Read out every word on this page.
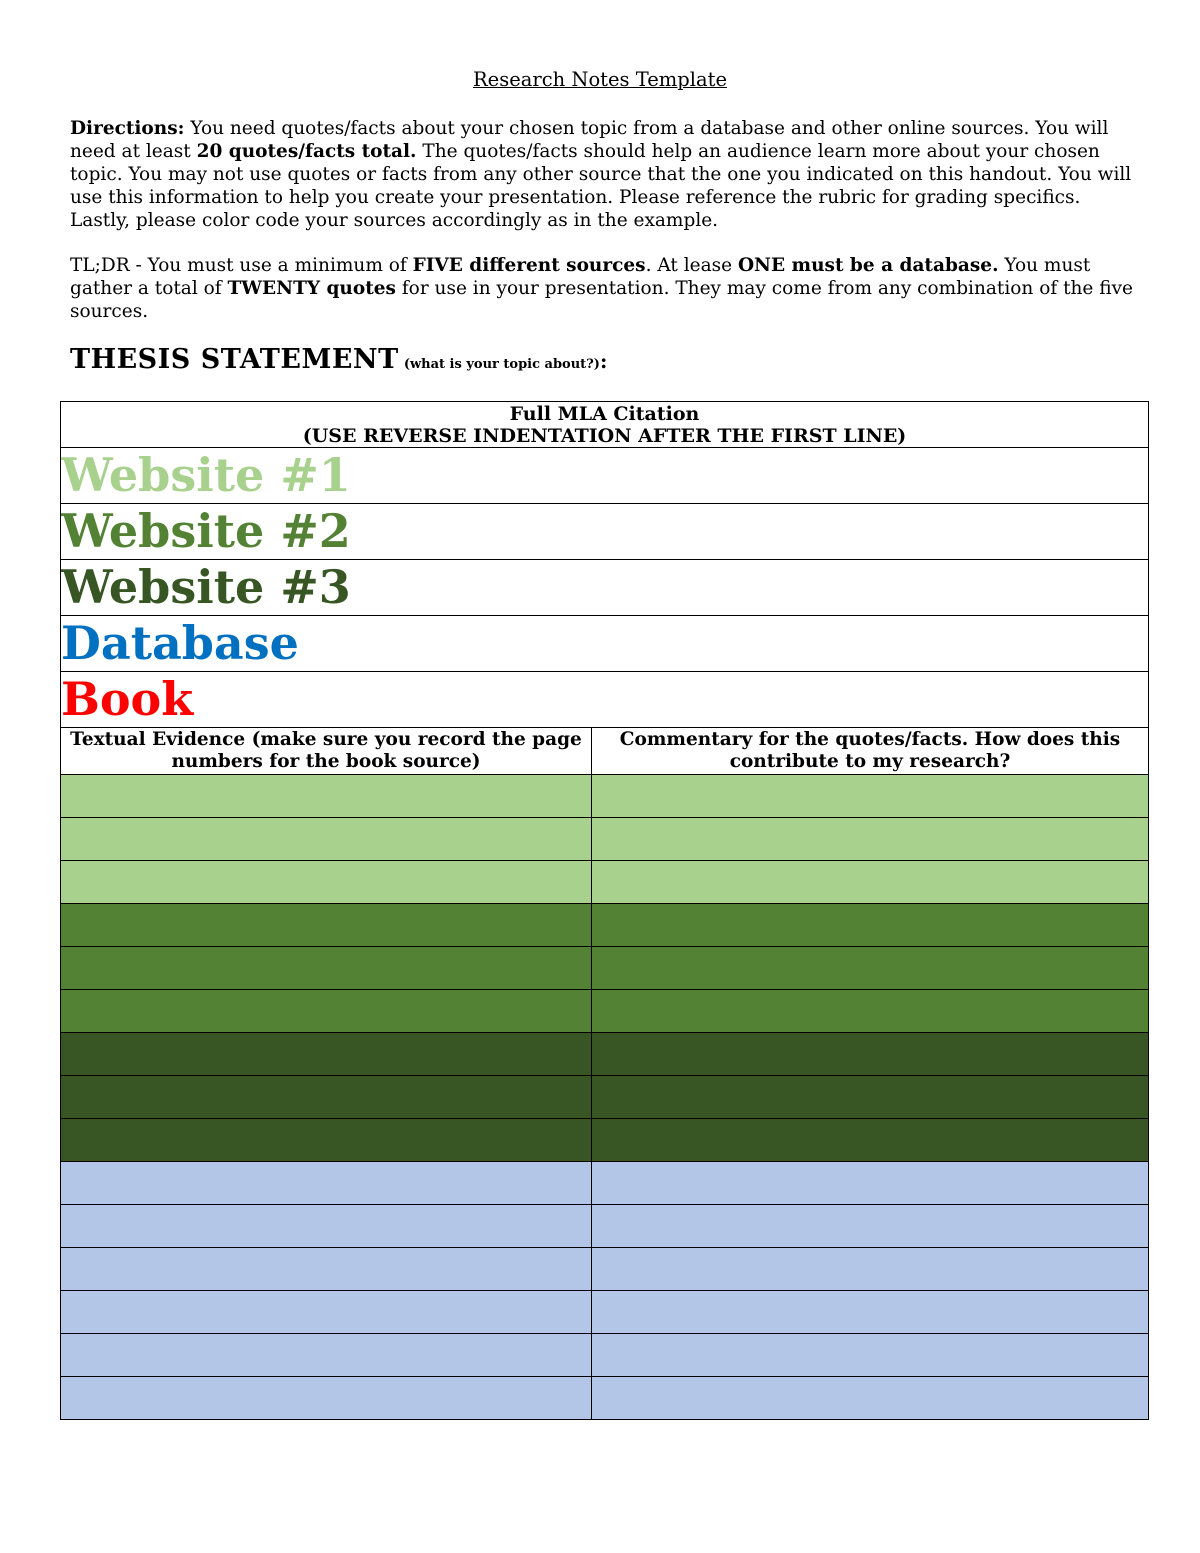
Research Notes Template
Directions: You need quotes/facts about your chosen topic from a database and other online sources. You will need at least 20 quotes/facts total. The quotes/facts should help an audience learn more about your chosen topic. You may not use quotes or facts from any other source that the one you indicated on this handout. You will use this information to help you create your presentation. Please reference the rubric for grading specifics. Lastly, please color code your sources accordingly as in the example.
TL;DR - You must use a minimum of FIVE different sources. At lease ONE must be a database. You must gather a total of TWENTY quotes for use in your presentation. They may come from any combination of the five sources.
THESIS STATEMENT (what is your topic about?):
Full MLA Citation
(USE REVERSE INDENTATION AFTER THE FIRST LINE)	

Website #1	
Website #2	
Website #3	
Database	
Book	
Textual Evidence (make sure you record the page numbers for the book source)	Commentary for the quotes/facts. How does this contribute to my research?
